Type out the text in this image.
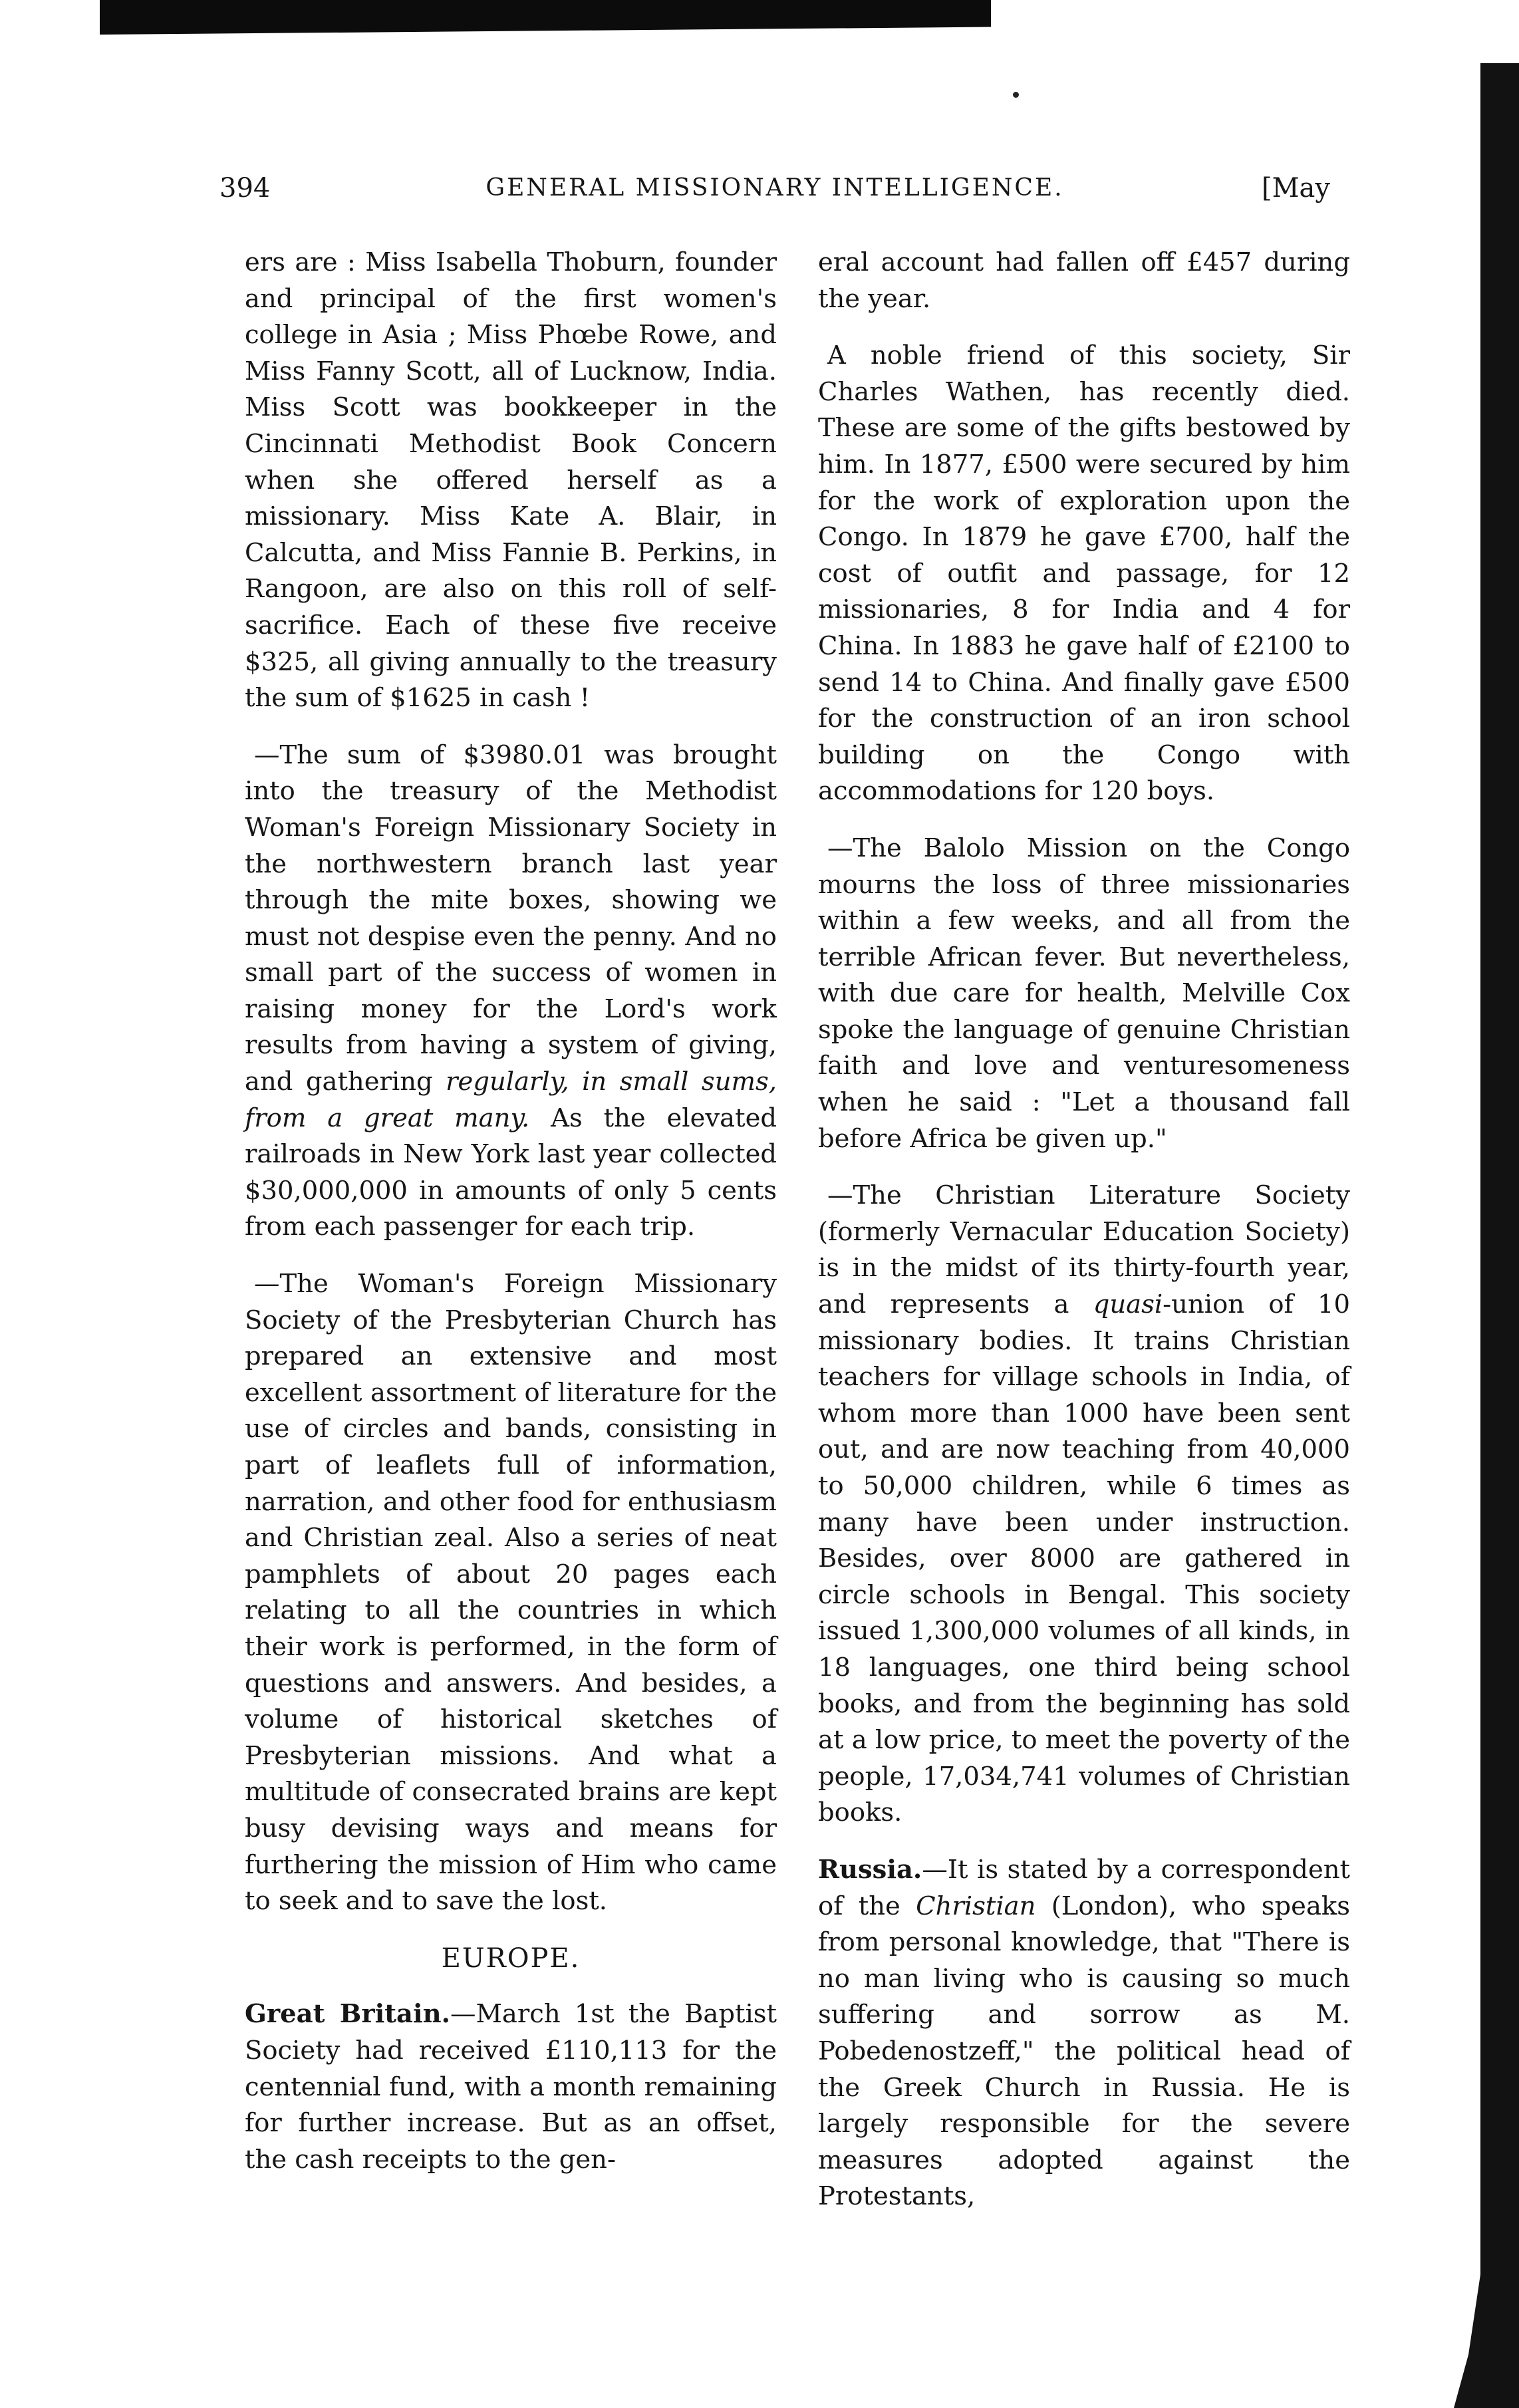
394	GENERAL MISSIONARY INTELLIGENCE.	[May

ers are : Miss Isabella Thoburn, founder and principal of the first women's college in Asia ; Miss Phœbe Rowe, and Miss Fanny Scott, all of Lucknow, India. Miss Scott was bookkeeper in the Cincinnati Methodist Book Concern when she offered herself as a missionary. Miss Kate A. Blair, in Calcutta, and Miss Fannie B. Perkins, in Rangoon, are also on this roll of self-sacrifice. Each of these five receive $325, all giving annually to the treasury the sum of $1625 in cash !

—The sum of $3980.01 was brought into the treasury of the Methodist Woman's Foreign Missionary Society in the northwestern branch last year through the mite boxes, showing we must not despise even the penny. And no small part of the success of women in raising money for the Lord's work results from having a system of giving, and gathering regularly, in small sums, from a great many. As the elevated railroads in New York last year collected $30,000,000 in amounts of only 5 cents from each passenger for each trip.

—The Woman's Foreign Missionary Society of the Presbyterian Church has prepared an extensive and most excellent assortment of literature for the use of circles and bands, consisting in part of leaflets full of information, narration, and other food for enthusiasm and Christian zeal. Also a series of neat pamphlets of about 20 pages each relating to all the countries in which their work is performed, in the form of questions and answers. And besides, a volume of historical sketches of Presbyterian missions. And what a multitude of consecrated brains are kept busy devising ways and means for furthering the mission of Him who came to seek and to save the lost.

EUROPE.

Great Britain.—March 1st the Baptist Society had received £110,113 for the centennial fund, with a month remaining for further increase. But as an offset, the cash receipts to the gen-

eral account had fallen off £457 during the year.

A noble friend of this society, Sir Charles Wathen, has recently died. These are some of the gifts bestowed by him. In 1877, £500 were secured by him for the work of exploration upon the Congo. In 1879 he gave £700, half the cost of outfit and passage, for 12 missionaries, 8 for India and 4 for China. In 1883 he gave half of £2100 to send 14 to China. And finally gave £500 for the construction of an iron school building on the Congo with accommodations for 120 boys.

—The Balolo Mission on the Congo mourns the loss of three missionaries within a few weeks, and all from the terrible African fever. But nevertheless, with due care for health, Melville Cox spoke the language of genuine Christian faith and love and venturesomeness when he said : "Let a thousand fall before Africa be given up."

—The Christian Literature Society (formerly Vernacular Education Society) is in the midst of its thirty-fourth year, and represents a quasi-union of 10 missionary bodies. It trains Christian teachers for village schools in India, of whom more than 1000 have been sent out, and are now teaching from 40,000 to 50,000 children, while 6 times as many have been under instruction. Besides, over 8000 are gathered in circle schools in Bengal. This society issued 1,300,000 volumes of all kinds, in 18 languages, one third being school books, and from the beginning has sold at a low price, to meet the poverty of the people, 17,034,741 volumes of Christian books.

Russia.—It is stated by a correspondent of the Christian (London), who speaks from personal knowledge, that "There is no man living who is causing so much suffering and sorrow as M. Pobedenostzeff," the political head of the Greek Church in Russia. He is largely responsible for the severe measures adopted against the Protestants,
